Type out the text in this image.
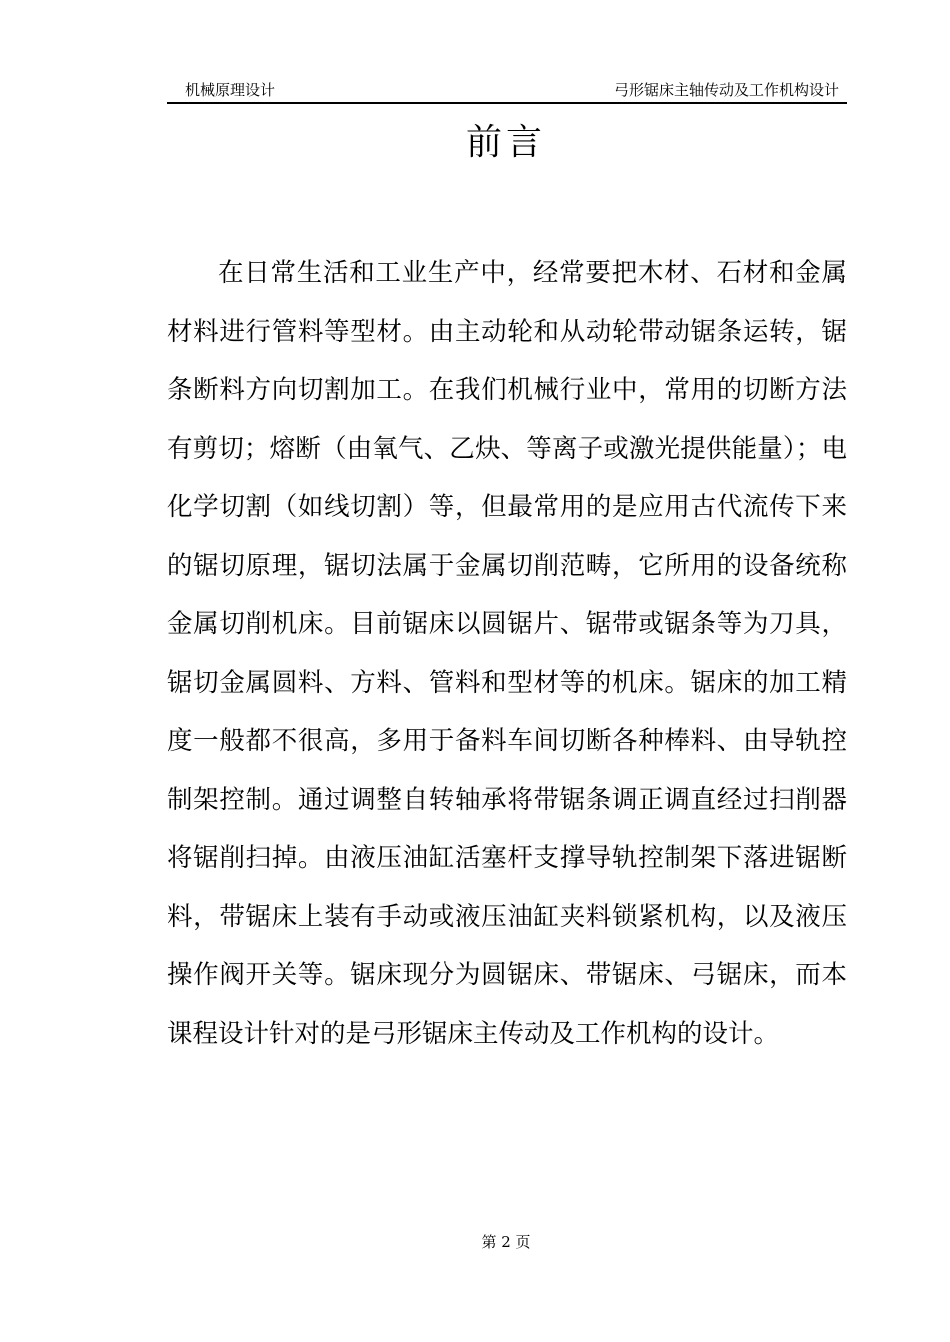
机械原理设计	弓形锯床主轴传动及工作机构设计
前言

在日常生活和工业生产中，经常要把木材、石材和金属材料进行管料等型材。由主动轮和从动轮带动锯条运转，锯条断料方向切割加工。在我们机械行业中，常用的切断方法有剪切；熔断（由氧气、乙炔、等离子或激光提供能量）；电化学切割（如线切割）等，但最常用的是应用古代流传下来的锯切原理，锯切法属于金属切削范畴，它所用的设备统称金属切削机床。目前锯床以圆锯片、锯带或锯条等为刀具，锯切金属圆料、方料、管料和型材等的机床。锯床的加工精度一般都不很高，多用于备料车间切断各种棒料、由导轨控制架控制。通过调整自转轴承将带锯条调正调直经过扫削器将锯削扫掉。由液压油缸活塞杆支撑导轨控制架下落进锯断料，带锯床上装有手动或液压油缸夹料锁紧机构，以及液压操作阀开关等。锯床现分为圆锯床、带锯床、弓锯床，而本课程设计针对的是弓形锯床主传动及工作机构的设计。

第 2 页
